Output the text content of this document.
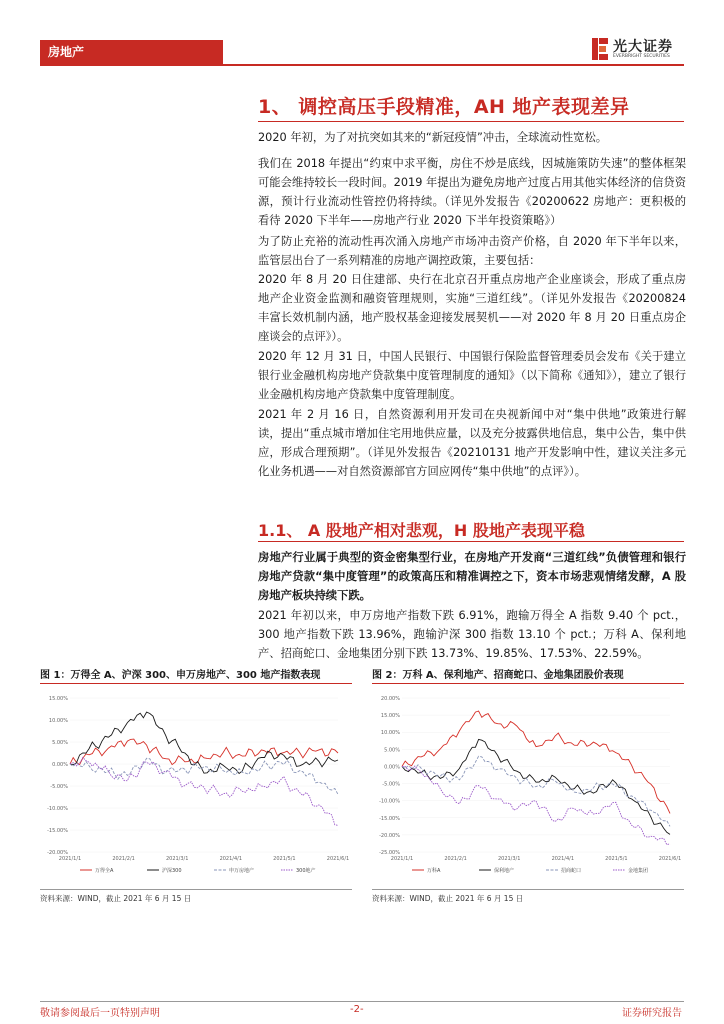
房地产	光大证券
EVERBRIGHT SECURITIES
1、 调控高压手段精准，AH 地产表现差异
2020 年初，为了对抗突如其来的“新冠疫情”冲击，全球流动性宽松。
我们在 2018 年提出“约束中求平衡，房住不炒是底线，因城施策防失速”的整体框架可能会维持较长一段时间。2019 年提出为避免房地产过度占用其他实体经济的信贷资源，预计行业流动性管控仍将持续。（详见外发报告《20200622 房地产：更积极的看待 2020 下半年——房地产行业 2020 下半年投资策略》）
为了防止充裕的流动性再次涌入房地产市场冲击资产价格，自 2020 年下半年以来，监管层出台了一系列精准的房地产调控政策，主要包括：
2020 年 8 月 20 日住建部、央行在北京召开重点房地产企业座谈会，形成了重点房地产企业资金监测和融资管理规则，实施“三道红线”。（详见外发报告《20200824 丰富长效机制内涵，地产股权基金迎接发展契机——对 2020 年 8 月 20 日重点房企座谈会的点评》）。
2020 年 12 月 31 日，中国人民银行、中国银行保险监督管理委员会发布《关于建立银行业金融机构房地产贷款集中度管理制度的通知》（以下简称《通知》），建立了银行业金融机构房地产贷款集中度管理制度。
2021 年 2 月 16 日，自然资源利用开发司在央视新闻中对“集中供地”政策进行解读，提出“重点城市增加住宅用地供应量，以及充分披露供地信息，集中公告，集中供应，形成合理预期”。（详见外发报告《20210131 地产开发影响中性，建议关注多元化业务机遇——对自然资源部官方回应网传“集中供地”的点评》）。
1.1、 A 股地产相对悲观，H 股地产表现平稳
房地产行业属于典型的资金密集型行业，在房地产开发商“三道红线”负债管理和银行房地产贷款“集中度管理”的政策高压和精准调控之下，资本市场悲观情绪发酵，A 股房地产板块持续下跌。
2021 年初以来，申万房地产指数下跌 6.91%，跑输万得全 A 指数 9.40 个 pct.，300 地产指数下跌 13.96%，跑输沪深 300 指数 13.10 个 pct.；万科 A、保利地产、招商蛇口、金地集团分别下跌 13.73%、19.85%、17.53%、22.59%。
图 1：万得全 A、沪深 300、申万房地产、300 地产指数表现
15.00%
10.00%
5.00%
0.00%
-5.00%
-10.00%
-15.00%
-20.00%
2021/1/1	2021/2/1	2021/3/1	2021/4/1	2021/5/1	2021/6/1
万得全A	沪深300	申万房地产	300地产
资料来源：WIND，截止 2021 年 6 月 15 日
图 2：万科 A、保利地产、招商蛇口、金地集团股价表现
20.00%
15.00%
10.00%
5.00%
0.00%
-5.00%
-10.00%
-15.00%
-20.00%
-25.00%
2021/1/1	2021/2/1	2021/3/1	2021/4/1	2021/5/1	2021/6/1
万科A	保利地产	招商蛇口	金地集团
资料来源：WIND，截止 2021 年 6 月 15 日
敬请参阅最后一页特别声明	-2-	证券研究报告
